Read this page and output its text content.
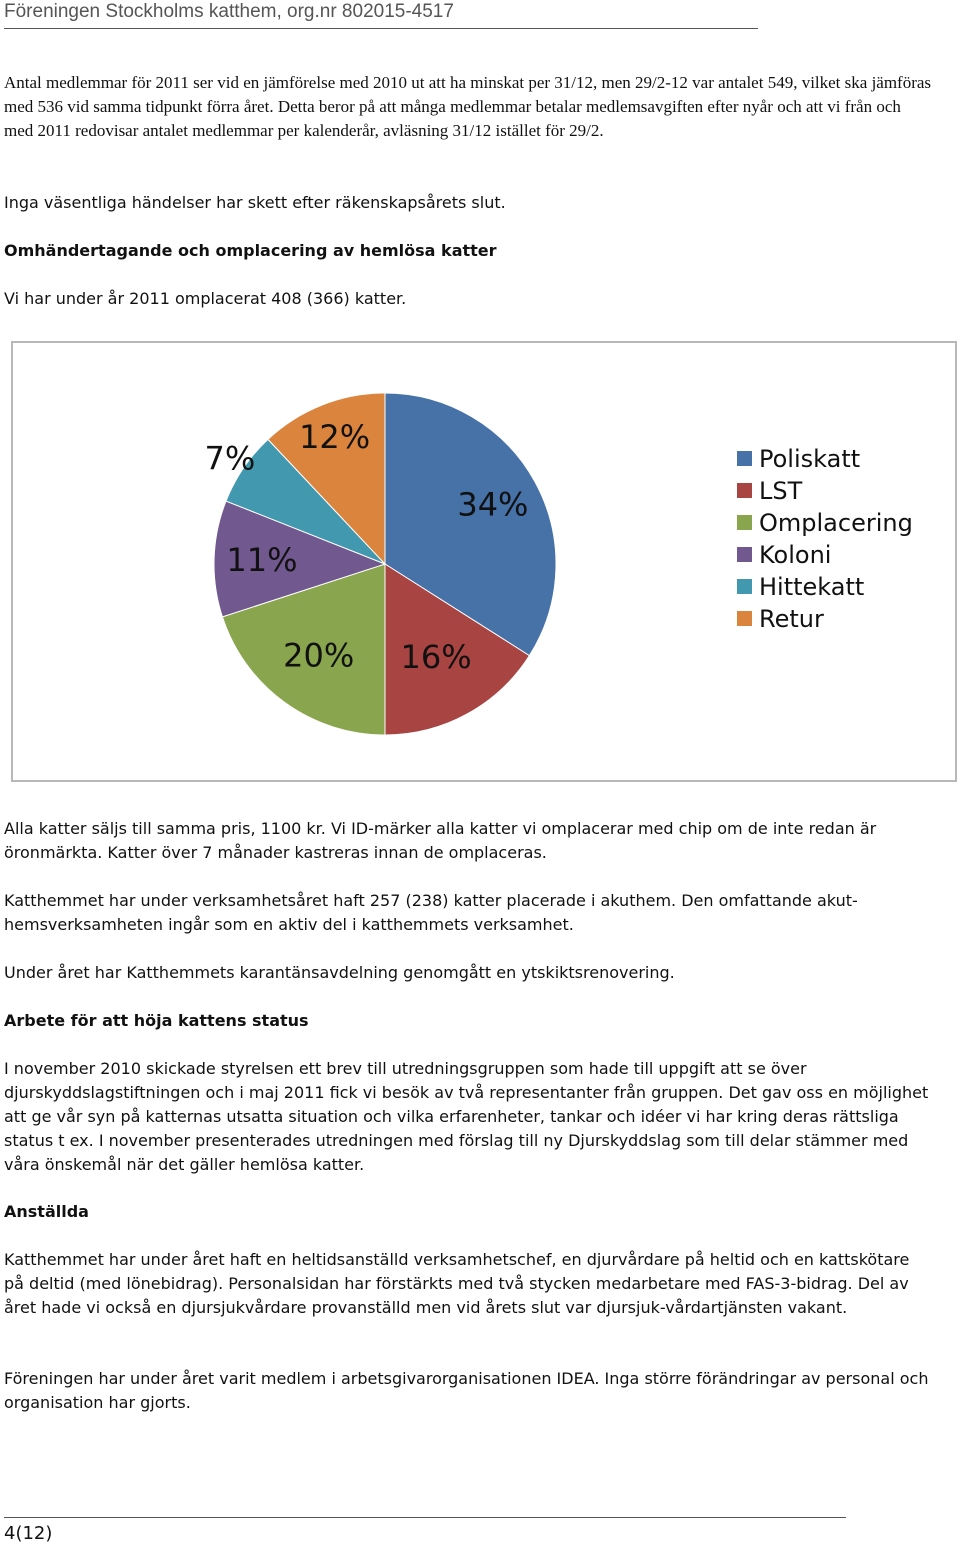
Föreningen Stockholms katthem, org.nr 802015-4517

Antal medlemmar för 2011 ser vid en jämförelse med 2010 ut att ha minskat per 31/12, men 29/2-12 var antalet 549, vilket ska jämföras med 536 vid samma tidpunkt förra året. Detta beror på att många medlemmar betalar medlemsavgiften efter nyår och att vi från och med 2011 redovisar antalet medlemmar per kalenderår, avläsning 31/12 istället för 29/2.

Inga väsentliga händelser har skett efter räkenskapsårets slut.

Omhändertagande och omplacering av hemlösa katter

Vi har under år 2011 omplacerat 408 (366) katter.

34%
16%
20%
11%
7%
12%
Poliskatt
LST
Omplacering
Koloni
Hittekatt
Retur

Alla katter säljs till samma pris, 1100 kr. Vi ID-märker alla katter vi omplacerar med chip om de inte redan är öronmärkta. Katter över 7 månader kastreras innan de omplaceras.

Katthemmet har under verksamhetsåret haft 257 (238) katter placerade i akuthem. Den omfattande akut-hemsverksamheten ingår som en aktiv del i katthemmets verksamhet.

Under året har Katthemmets karantänsavdelning genomgått en ytskiktsrenovering.

Arbete för att höja kattens status

I november 2010 skickade styrelsen ett brev till utredningsgruppen som hade till uppgift att se över djurskyddslagstiftningen och i maj 2011 fick vi besök av två representanter från gruppen. Det gav oss en möjlighet att ge vår syn på katternas utsatta situation och vilka erfarenheter, tankar och idéer vi har kring deras rättsliga status t ex. I november presenterades utredningen med förslag till ny Djurskyddslag som till delar stämmer med våra önskemål när det gäller hemlösa katter.

Anställda

Katthemmet har under året haft en heltidsanställd verksamhetschef, en djurvårdare på heltid och en kattskötare på deltid (med lönebidrag). Personalsidan har förstärkts med två stycken medarbetare med FAS-3-bidrag. Del av året hade vi också en djursjukvårdare provanställd men vid årets slut var djursjuk-vårdartjänsten vakant.

Föreningen har under året varit medlem i arbetsgivarorganisationen IDEA. Inga större förändringar av personal och organisation har gjorts.

4(12)
